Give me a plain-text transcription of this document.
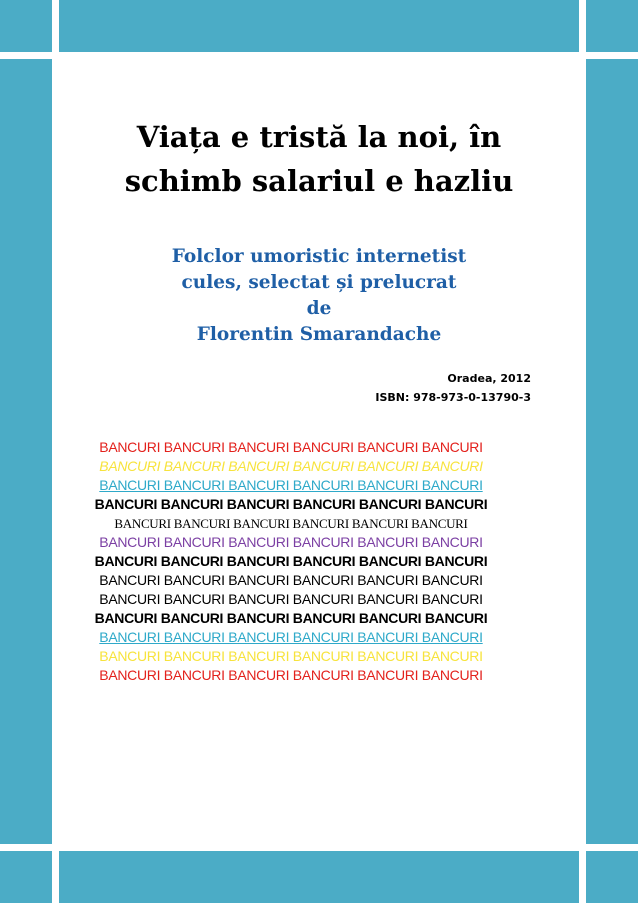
Viața e tristă la noi, în
schimb salariul e hazliu
Folclor umoristic internetist
cules, selectat și prelucrat
de
Florentin Smarandache
Oradea, 2012
ISBN: 978-973-0-13790-3
BANCURI BANCURI BANCURI BANCURI BANCURI BANCURI
BANCURI BANCURI BANCURI BANCURI BANCURI BANCURI
BANCURI BANCURI BANCURI BANCURI BANCURI BANCURI
BANCURI BANCURI BANCURI BANCURI BANCURI BANCURI
BANCURI BANCURI BANCURI BANCURI BANCURI BANCURI
BANCURI BANCURI BANCURI BANCURI BANCURI BANCURI
BANCURI BANCURI BANCURI BANCURI BANCURI BANCURI
BANCURI BANCURI BANCURI BANCURI BANCURI BANCURI
BANCURI BANCURI BANCURI BANCURI BANCURI BANCURI
BANCURI BANCURI BANCURI BANCURI BANCURI BANCURI
BANCURI BANCURI BANCURI BANCURI BANCURI BANCURI
BANCURI BANCURI BANCURI BANCURI BANCURI BANCURI
BANCURI BANCURI BANCURI BANCURI BANCURI BANCURI
